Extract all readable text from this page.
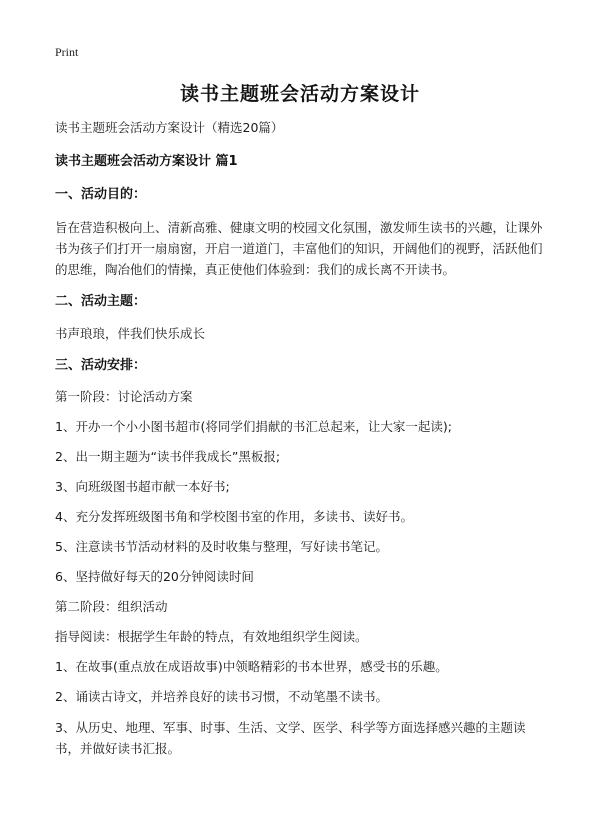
Print
读书主题班会活动方案设计
读书主题班会活动方案设计（精选20篇）
读书主题班会活动方案设计 篇1
一、活动目的：
旨在营造积极向上、清新高雅、健康文明的校园文化氛围，激发师生读书的兴趣，让课外书为孩子们打开一扇扇窗，开启一道道门，丰富他们的知识，开阔他们的视野，活跃他们的思维，陶冶他们的情操，真正使他们体验到：我们的成长离不开读书。
二、活动主题：
书声琅琅，伴我们快乐成长
三、活动安排：
第一阶段：讨论活动方案
1、开办一个小小图书超市(将同学们捐献的书汇总起来，让大家一起读);
2、出一期主题为“读书伴我成长”黑板报;
3、向班级图书超市献一本好书;
4、充分发挥班级图书角和学校图书室的作用，多读书、读好书。
5、注意读书节活动材料的及时收集与整理，写好读书笔记。
6、坚持做好每天的20分钟阅读时间
第二阶段：组织活动
指导阅读：根据学生年龄的特点，有效地组织学生阅读。
1、在故事(重点放在成语故事)中领略精彩的书本世界，感受书的乐趣。
2、诵读古诗文，并培养良好的读书习惯，不动笔墨不读书。
3、从历史、地理、军事、时事、生活、文学、医学、科学等方面选择感兴趣的主题读书，并做好读书汇报。
